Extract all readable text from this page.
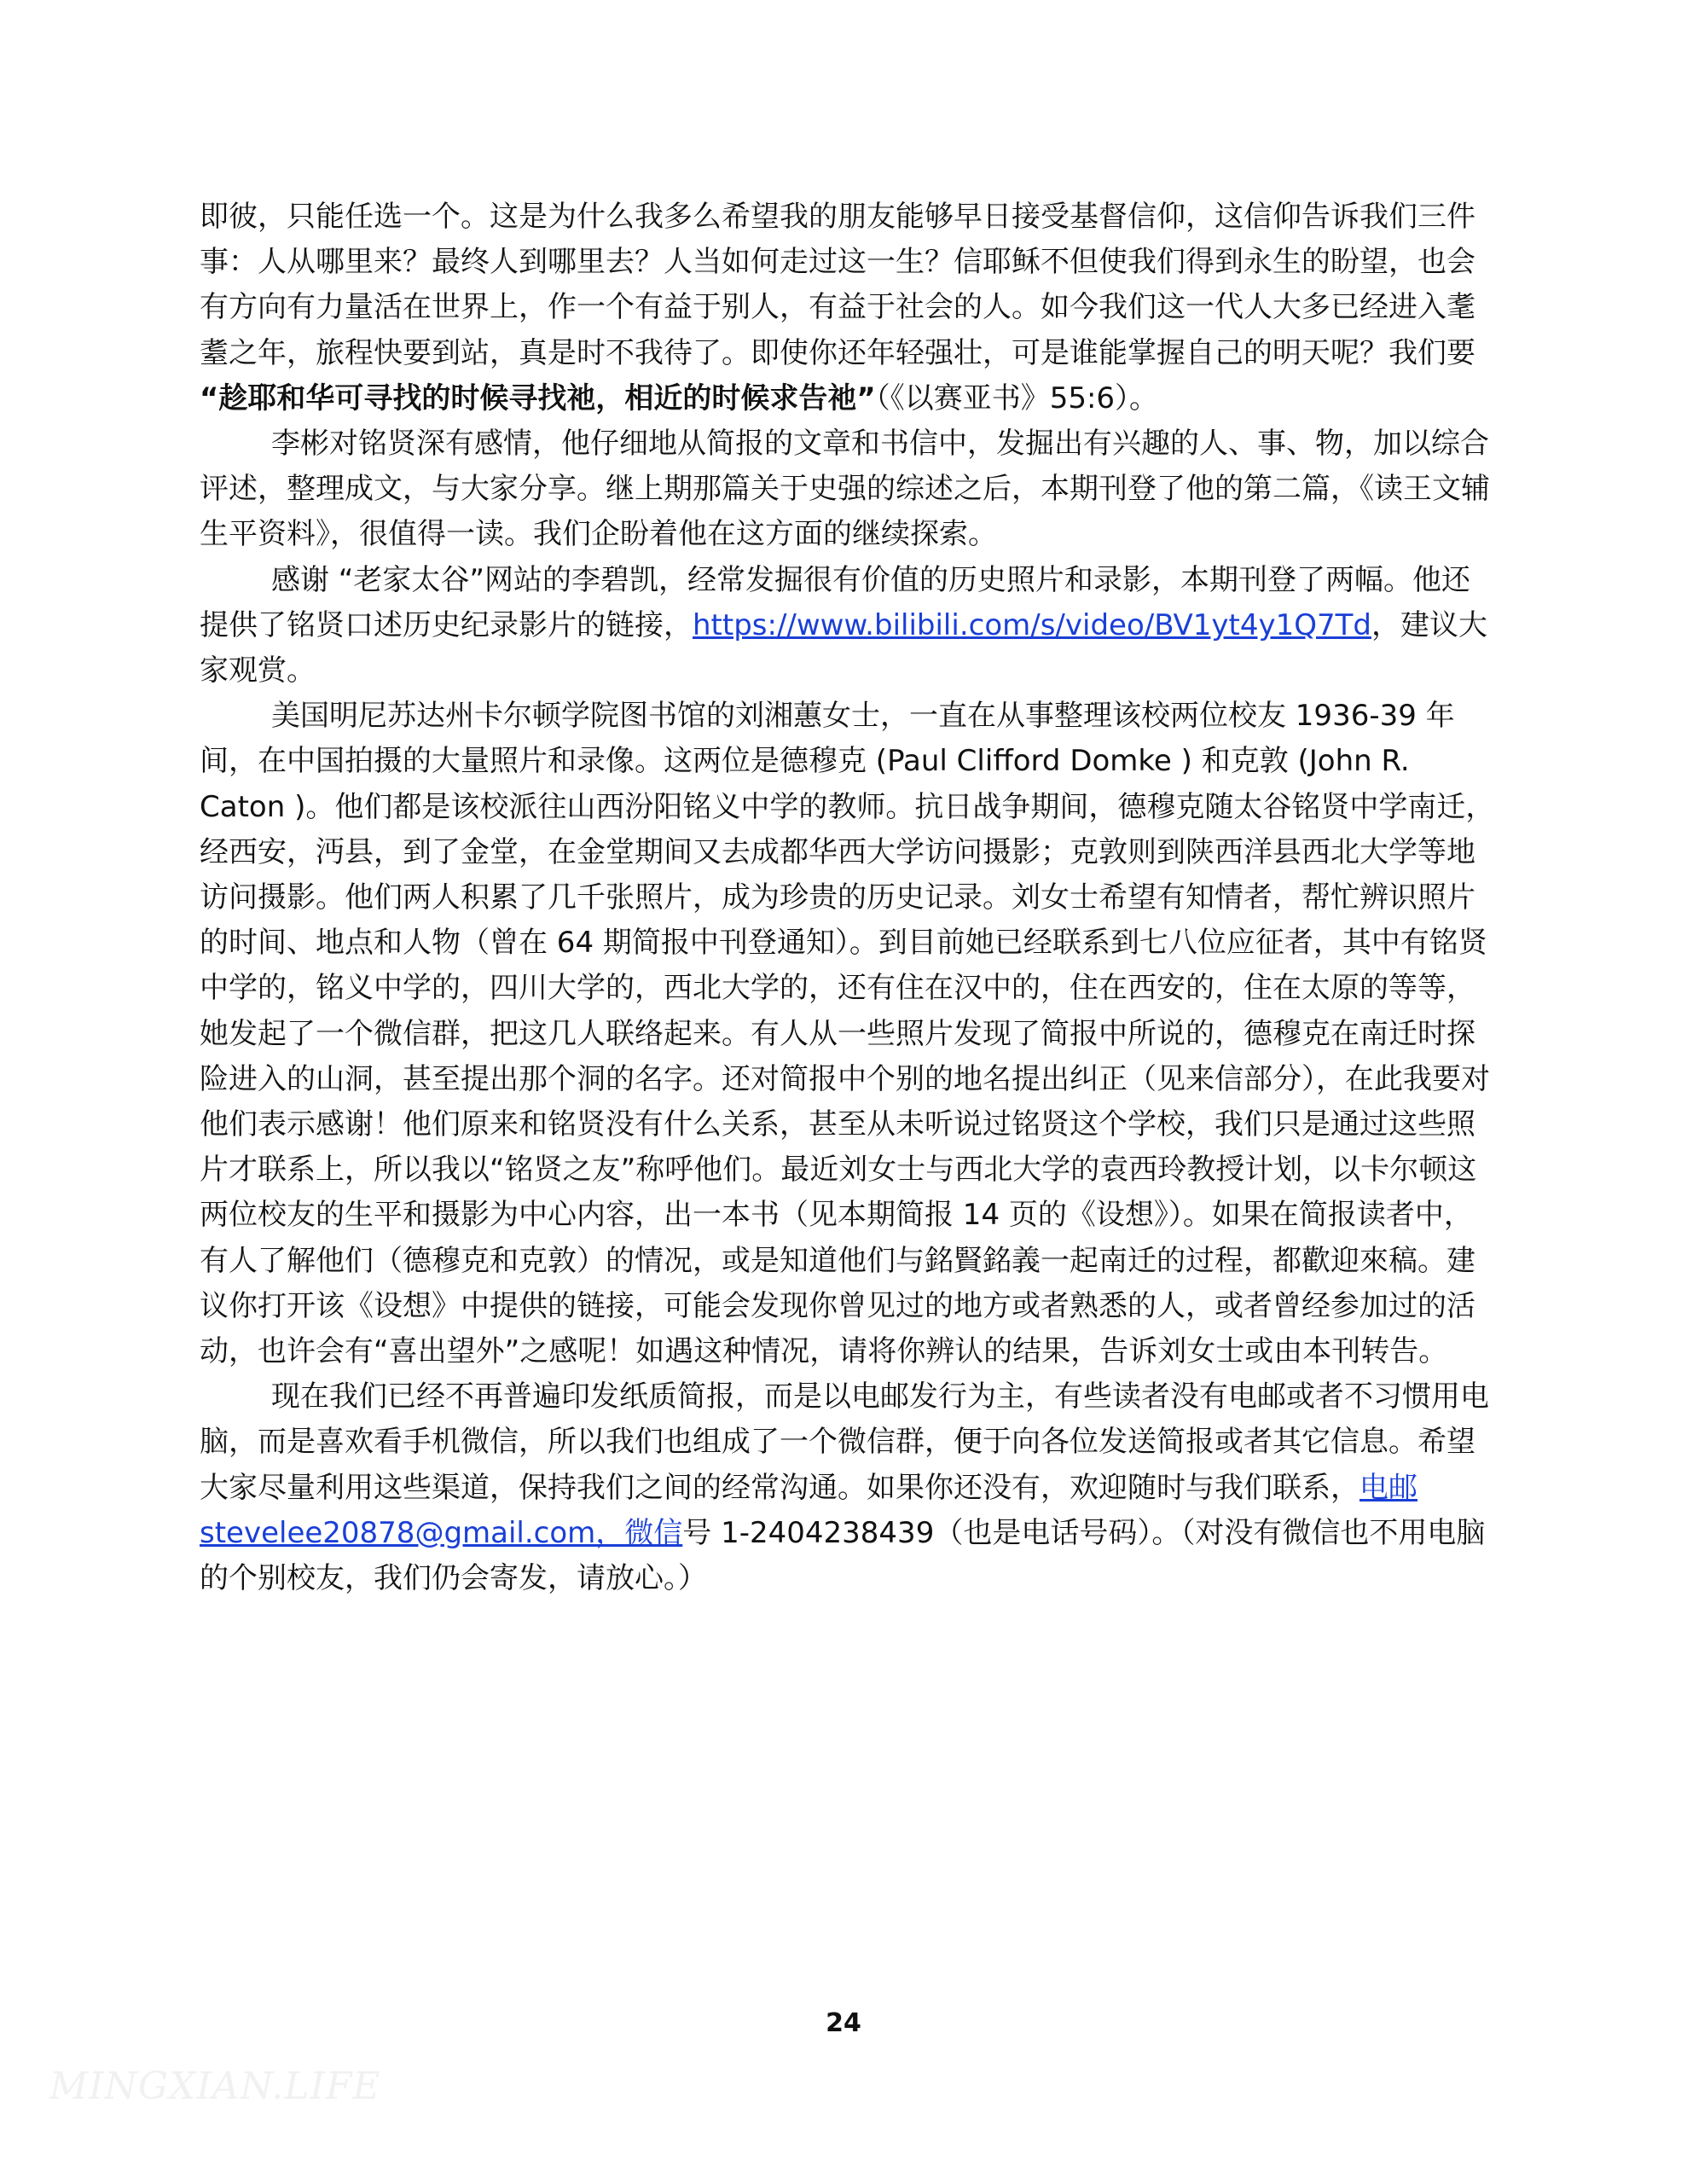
即彼，只能任选一个。这是为什么我多么希望我的朋友能够早日接受基督信仰，这信仰告诉我们三件事：人从哪里来？最终人到哪里去？人当如何走过这一生？信耶稣不但使我们得到永生的盼望，也会有方向有力量活在世界上，作一个有益于别人，有益于社会的人。如今我们这一代人大多已经进入耄耋之年，旅程快要到站，真是时不我待了。即使你还年轻强壮，可是谁能掌握自己的明天呢？我们要 “趁耶和华可寻找的时候寻找祂，相近的时候求告祂”（《以赛亚书》55:6）。

李彬对铭贤深有感情，他仔细地从简报的文章和书信中，发掘出有兴趣的人、事、物，加以综合评述，整理成文，与大家分享。继上期那篇关于史强的综述之后，本期刊登了他的第二篇，《读王文辅生平资料》，很值得一读。我们企盼着他在这方面的继续探索。

感谢 “老家太谷”网站的李碧凯，经常发掘很有价值的历史照片和录影，本期刊登了两幅。他还提供了铭贤口述历史纪录影片的链接，https://www.bilibili.com/s/video/BV1yt4y1Q7Td，建议大家观赏。

美国明尼苏达州卡尔顿学院图书馆的刘湘蕙女士，一直在从事整理该校两位校友 1936-39 年间，在中国拍摄的大量照片和录像。这两位是德穆克 (Paul Clifford Domke ) 和克敦 (John R. Caton )。他们都是该校派往山西汾阳铭义中学的教师。抗日战争期间，德穆克随太谷铭贤中学南迁，经西安，沔县，到了金堂，在金堂期间又去成都华西大学访问摄影；克敦则到陕西洋县西北大学等地访问摄影。他们两人积累了几千张照片，成为珍贵的历史记录。刘女士希望有知情者，帮忙辨识照片的时间、地点和人物（曾在 64 期简报中刊登通知）。到目前她已经联系到七八位应征者，其中有铭贤中学的，铭义中学的，四川大学的，西北大学的，还有住在汉中的，住在西安的，住在太原的等等，她发起了一个微信群，把这几人联络起来。有人从一些照片发现了简报中所说的，德穆克在南迁时探险进入的山洞，甚至提出那个洞的名字。还对简报中个别的地名提出纠正（见来信部分），在此我要对他们表示感谢！他们原来和铭贤没有什么关系，甚至从未听说过铭贤这个学校，我们只是通过这些照片才联系上，所以我以“铭贤之友”称呼他们。最近刘女士与西北大学的袁西玲教授计划，以卡尔顿这两位校友的生平和摄影为中心内容，出一本书（见本期简报 14 页的《设想》）。如果在简报读者中，有人了解他们（德穆克和克敦）的情况，或是知道他们与銘賢銘義一起南迁的过程，都歡迎來稿。建议你打开该《设想》中提供的链接，可能会发现你曾见过的地方或者熟悉的人，或者曾经参加过的活动，也许会有“喜出望外”之感呢！如遇这种情况，请将你辨认的结果，告诉刘女士或由本刊转告。

现在我们已经不再普遍印发纸质简报，而是以电邮发行为主，有些读者没有电邮或者不习惯用电脑，而是喜欢看手机微信，所以我们也组成了一个微信群，便于向各位发送简报或者其它信息。希望大家尽量利用这些渠道，保持我们之间的经常沟通。如果你还没有，欢迎随时与我们联系，电邮 stevelee20878@gmail.com，微信号 1-2404238439（也是电话号码）。（对没有微信也不用电脑的个别校友，我们仍会寄发，请放心。）

24
MINGXIAN.LIFE
